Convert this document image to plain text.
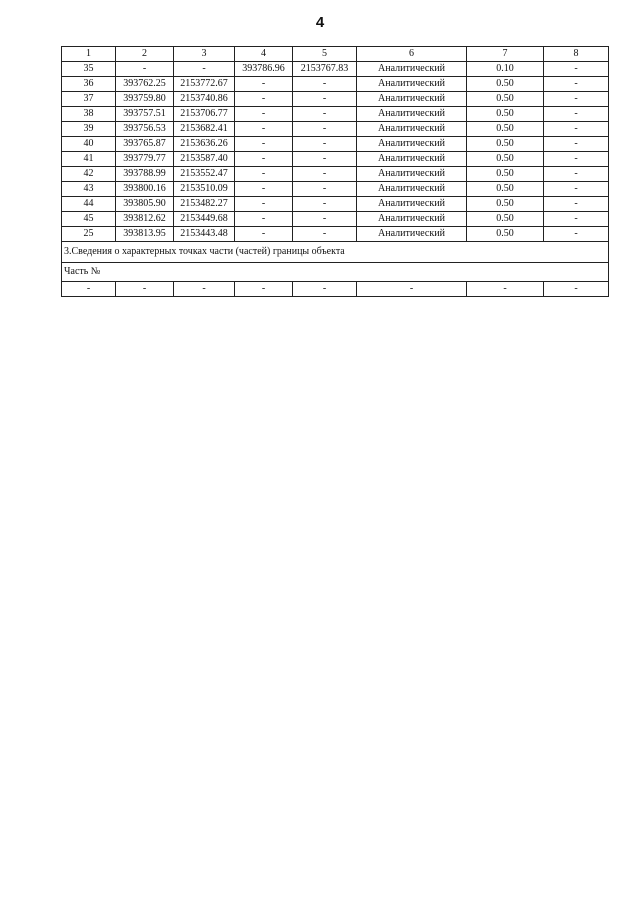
4
1	2	3	4	5	6	7	8
35	-	-	393786.96	2153767.83	Аналитический	0.10	-
36	393762.25	2153772.67	-	-	Аналитический	0.50	-
37	393759.80	2153740.86	-	-	Аналитический	0.50	-
38	393757.51	2153706.77	-	-	Аналитический	0.50	-
39	393756.53	2153682.41	-	-	Аналитический	0.50	-
40	393765.87	2153636.26	-	-	Аналитический	0.50	-
41	393779.77	2153587.40	-	-	Аналитический	0.50	-
42	393788.99	2153552.47	-	-	Аналитический	0.50	-
43	393800.16	2153510.09	-	-	Аналитический	0.50	-
44	393805.90	2153482.27	-	-	Аналитический	0.50	-
45	393812.62	2153449.68	-	-	Аналитический	0.50	-
25	393813.95	2153443.48	-	-	Аналитический	0.50	-
3.Сведения о характерных точках части (частей) границы объекта							
Часть №							
-	-	-	-	-	-	-	-
